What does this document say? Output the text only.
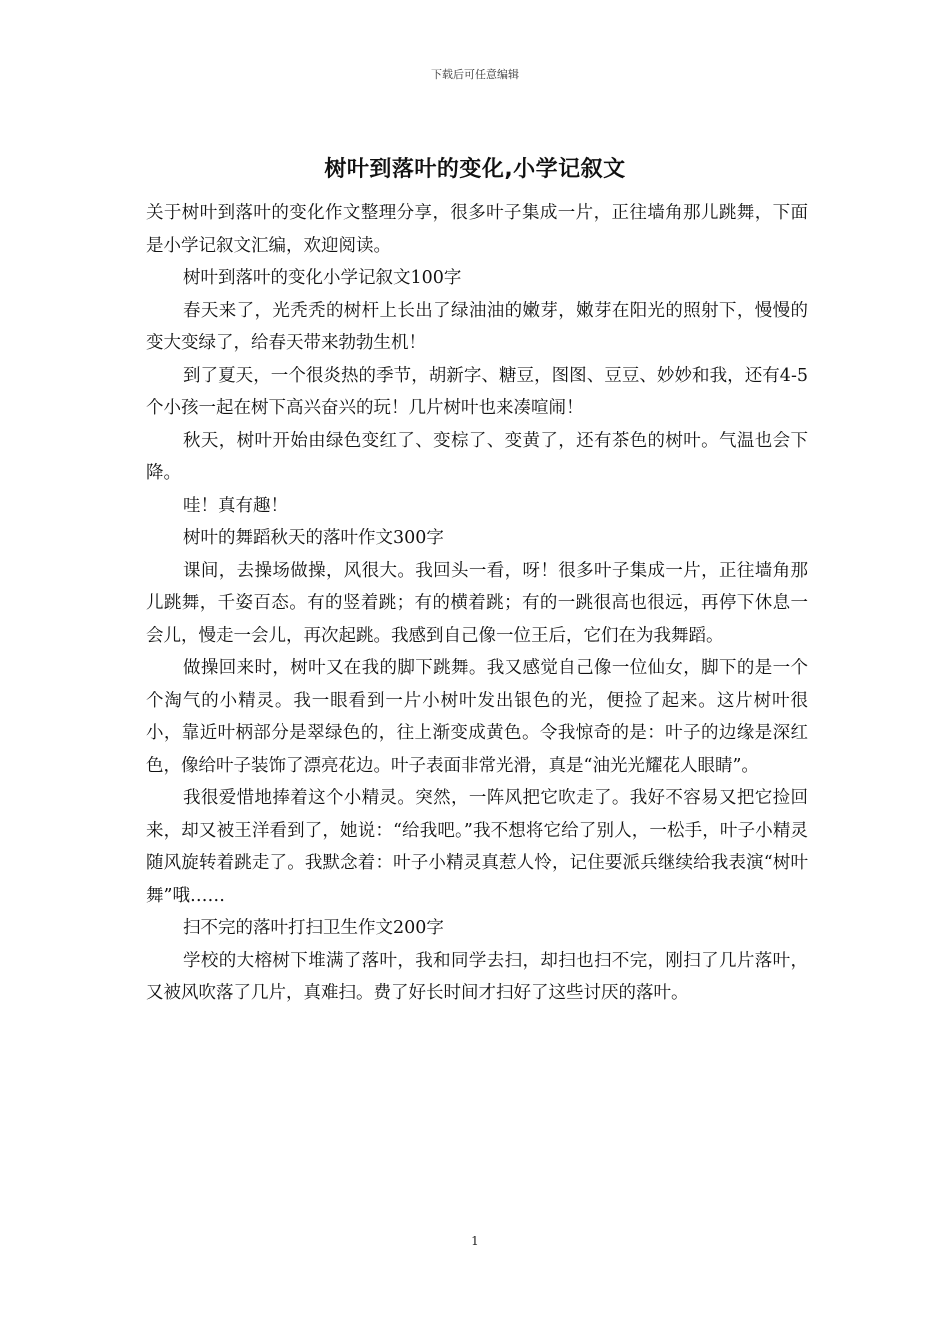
下载后可任意编辑
树叶到落叶的变化,小学记叙文

关于树叶到落叶的变化作文整理分享，很多叶子集成一片，正往墙角那儿跳舞，下面是小学记叙文汇编，欢迎阅读。

树叶到落叶的变化小学记叙文100字

春天来了，光秃秃的树杆上长出了绿油油的嫩芽，嫩芽在阳光的照射下，慢慢的变大变绿了，给春天带来勃勃生机！

到了夏天，一个很炎热的季节，胡新字、糖豆，图图、豆豆、妙妙和我，还有4-5个小孩一起在树下高兴奋兴的玩！几片树叶也来凑喧闹！

秋天，树叶开始由绿色变红了、变棕了、变黄了，还有茶色的树叶。气温也会下降。

哇！真有趣！

树叶的舞蹈秋天的落叶作文300字

课间，去操场做操，风很大。我回头一看，呀！很多叶子集成一片，正往墙角那儿跳舞，千姿百态。有的竖着跳；有的横着跳；有的一跳很高也很远，再停下休息一会儿，慢走一会儿，再次起跳。我感到自己像一位王后，它们在为我舞蹈。

做操回来时，树叶又在我的脚下跳舞。我又感觉自己像一位仙女，脚下的是一个个淘气的小精灵。我一眼看到一片小树叶发出银色的光，便捡了起来。这片树叶很小，靠近叶柄部分是翠绿色的，往上渐变成黄色。令我惊奇的是：叶子的边缘是深红色，像给叶子装饰了漂亮花边。叶子表面非常光滑，真是“油光光耀花人眼睛”。

我很爱惜地捧着这个小精灵。突然，一阵风把它吹走了。我好不容易又把它捡回来，却又被王洋看到了，她说：“给我吧。”我不想将它给了别人，一松手，叶子小精灵随风旋转着跳走了。我默念着：叶子小精灵真惹人怜，记住要派兵继续给我表演“树叶舞”哦……

扫不完的落叶打扫卫生作文200字

学校的大榕树下堆满了落叶，我和同学去扫，却扫也扫不完，刚扫了几片落叶，又被风吹落了几片，真难扫。费了好长时间才扫好了这些讨厌的落叶。

1
